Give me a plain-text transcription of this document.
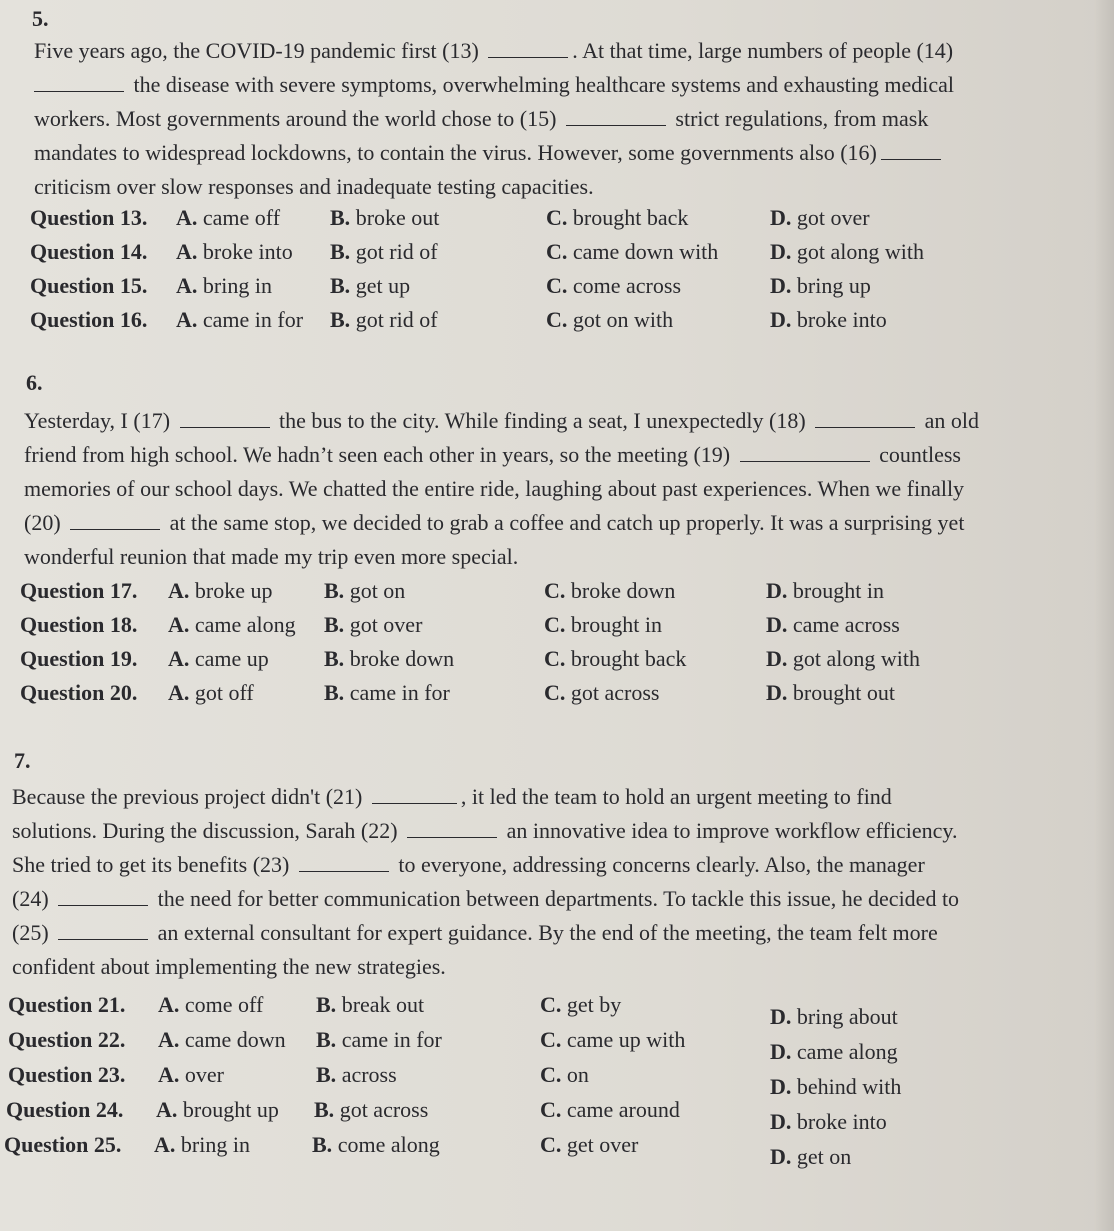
5.

Five years ago, the COVID-19 pandemic first (13)	. At that time, large numbers of people (14)

the disease with severe symptoms, overwhelming healthcare systems and exhausting medical

workers. Most governments around the world chose to (15)	strict regulations, from mask

mandates to widespread lockdowns, to contain the virus. However, some governments also (16)

criticism over slow responses and inadequate testing capacities.

Question 13. A. came off B. broke out	C. brought back	D. got over
Question 14. A. broke into B. got rid of	C. came down with D. got along with
Question 15. A. bring in	B. get up	C. come across	D. bring up
Question 16. A. came in for B. got rid of	C. got on with	D. broke into
6.

Yesterday, I (17)	the bus to the city. While finding a seat, I unexpectedly (18)	an old

friend from high school. We hadn’t seen each other in years, so the meeting (19)	countless

memories of our school days. We chatted the entire ride, laughing about past experiences. When we finally

(20)	at the same stop, we decided to grab a coffee and catch up properly. It was a surprising yet

wonderful reunion that made my trip even more special.

Question 17. A. broke up B. got on	C. broke down	D. brought in
Question 18. A. came along B. got over	C. brought in	D. came across
Question 19. A. came up	B. broke down	C. brought back	D. got along with
Question 20. A. got off	B. came in for	C. got across	D. brought out
7.

Because the previous project didn't (21)	, it led the team to hold an urgent meeting to find

solutions. During the discussion, Sarah (22)	an innovative idea to improve workflow efficiency.

She tried to get its benefits (23)	to everyone, addressing concerns clearly. Also, the manager

(24)	the need for better communication between departments. To tackle this issue, he decided to

(25)	an external consultant for expert guidance. By the end of the meeting, the team felt more

confident about implementing the new strategies.

Question 21. A. come off B. break out	C. get by	D. bring about
Question 22. A. came down B. came in for	C. came up with	D. came along
Question 23. A. over	B. across	C. on	D. behind with
Question 24. A. brought up B. got across	C. came around	D. broke into
Question 25. A. bring in	B. come along	C. get over	D. get on
